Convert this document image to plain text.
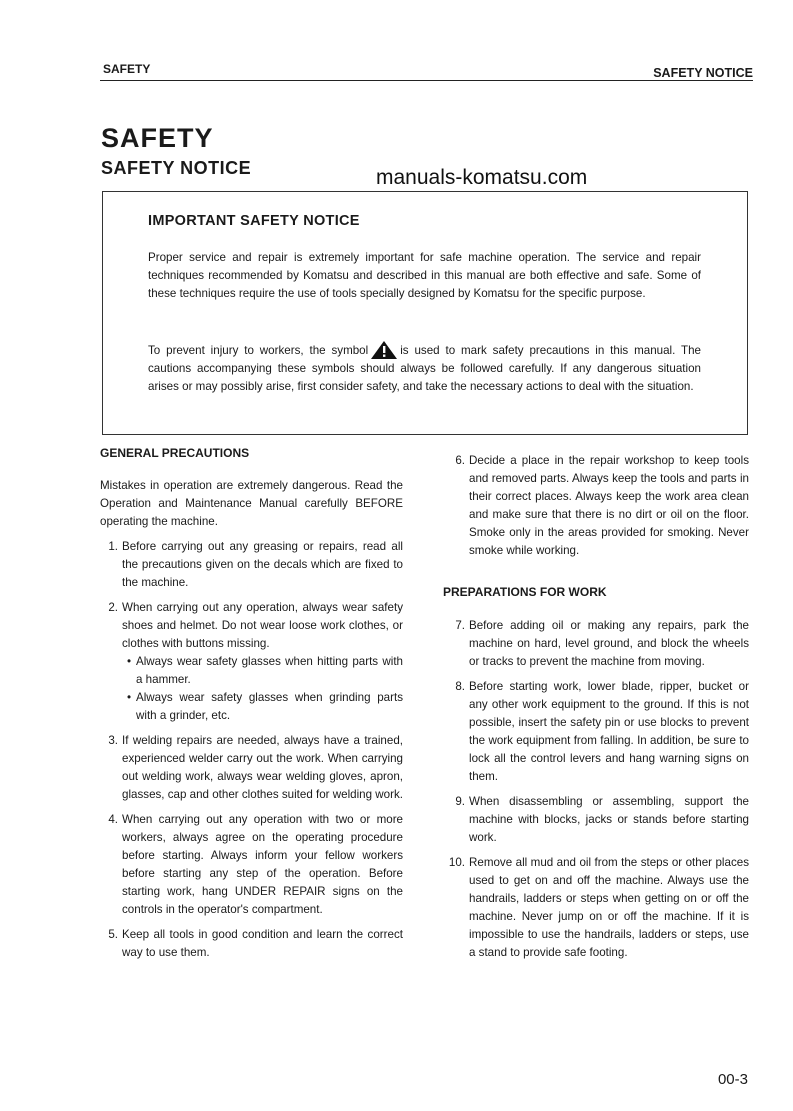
SAFETY	SAFETY NOTICE
SAFETY
SAFETY NOTICE	manuals-komatsu.com
IMPORTANT SAFETY NOTICE
Proper service and repair is extremely important for safe machine operation. The service and repair techniques recommended by Komatsu and described in this manual are both effective and safe. Some of these techniques require the use of tools specially designed by Komatsu for the specific purpose.
To prevent injury to workers, the symbol	is used to mark safety precautions in this manual. The cautions accompanying these symbols should always be followed carefully. If any dangerous situation arises or may possibly arise, first consider safety, and take the necessary actions to deal with the situation.
GENERAL PRECAUTIONS

Mistakes in operation are extremely dangerous. Read the Operation and Maintenance Manual carefully BEFORE operating the machine.

1. Before carrying out any greasing or repairs, read all the precautions given on the decals which are fixed to the machine.
2. When carrying out any operation, always wear safety shoes and helmet. Do not wear loose work clothes, or clothes with buttons missing.
• Always wear safety glasses when hitting parts with a hammer.
• Always wear safety glasses when grinding parts with a grinder, etc.
3. If welding repairs are needed, always have a trained, experienced welder carry out the work. When carrying out welding work, always wear welding gloves, apron, glasses, cap and other clothes suited for welding work.
4. When carrying out any operation with two or more workers, always agree on the operating procedure before starting. Always inform your fellow workers before starting any step of the operation. Before starting work, hang UNDER REPAIR signs on the controls in the operator's compartment.
5. Keep all tools in good condition and learn the correct way to use them.
6. Decide a place in the repair workshop to keep tools and removed parts. Always keep the tools and parts in their correct places. Always keep the work area clean and make sure that there is no dirt or oil on the floor. Smoke only in the areas provided for smoking. Never smoke while working.
PREPARATIONS FOR WORK
7. Before adding oil or making any repairs, park the machine on hard, level ground, and block the wheels or tracks to prevent the machine from moving.
8. Before starting work, lower blade, ripper, bucket or any other work equipment to the ground. If this is not possible, insert the safety pin or use blocks to prevent the work equipment from falling. In addition, be sure to lock all the control levers and hang warning signs on them.
9. When disassembling or assembling, support the machine with blocks, jacks or stands before starting work.
10. Remove all mud and oil from the steps or other places used to get on and off the machine. Always use the handrails, ladders or steps when getting on or off the machine. Never jump on or off the machine. If it is impossible to use the handrails, ladders or steps, use a stand to provide safe footing.
00-3
